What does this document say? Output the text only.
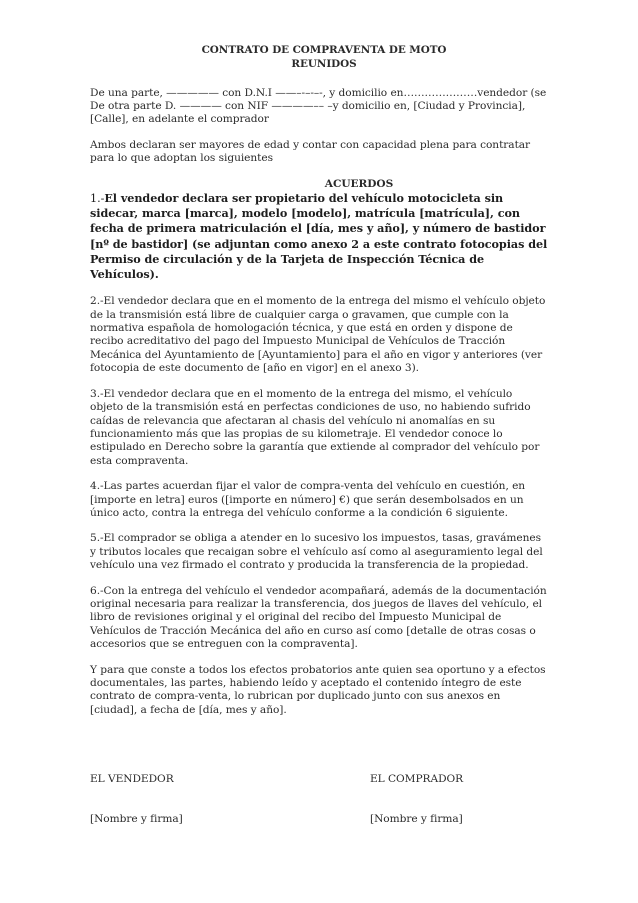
CONTRATO DE COMPRAVENTA DE MOTO

REUNIDOS

De una parte, ————— con D.N.I ——–-–-–-, y domicilio en…………………vendedor (se De otra parte D. ———— con NIF ————–– –y domicilio en, [Ciudad y Provincia], [Calle], en adelante el comprador

Ambos declaran ser mayores de edad y contar con capacidad plena para contratar para lo que adoptan los siguientes

ACUERDOS

1.-El vendedor declara ser propietario del vehículo motocicleta sin sidecar, marca [marca], modelo [modelo], matrícula [matrícula], con fecha de primera matriculación el [día, mes y año], y número de bastidor [nº de bastidor] (se adjuntan como anexo 2 a este contrato fotocopias del Permiso de circulación y de la Tarjeta de Inspección Técnica de Vehículos).

2.-El vendedor declara que en el momento de la entrega del mismo el vehículo objeto de la transmisión está libre de cualquier carga o gravamen, que cumple con la normativa española de homologación técnica, y que está en orden y dispone de recibo acreditativo del pago del Impuesto Municipal de Vehículos de Tracción Mecánica del Ayuntamiento de [Ayuntamiento] para el año en vigor y anteriores (ver fotocopia de este documento de [año en vigor] en el anexo 3).

3.-El vendedor declara que en el momento de la entrega del mismo, el vehículo objeto de la transmisión está en perfectas condiciones de uso, no habiendo sufrido caídas de relevancia que afectaran al chasis del vehículo ni anomalías en su funcionamiento más que las propias de su kilometraje. El vendedor conoce lo estipulado en Derecho sobre la garantía que extiende al comprador del vehículo por esta compraventa.

4.-Las partes acuerdan fijar el valor de compra-venta del vehículo en cuestión, en [importe en letra] euros ([importe en número] €) que serán desembolsados en un único acto, contra la entrega del vehículo conforme a la condición 6 siguiente.

5.-El comprador se obliga a atender en lo sucesivo los impuestos, tasas, gravámenes y tributos locales que recaigan sobre el vehículo así como al aseguramiento legal del vehículo una vez firmado el contrato y producida la transferencia de la propiedad.

6.-Con la entrega del vehículo el vendedor acompañará, además de la documentación original necesaria para realizar la transferencia, dos juegos de llaves del vehículo, el libro de revisiones original y el original del recibo del Impuesto Municipal de Vehículos de Tracción Mecánica del año en curso así como [detalle de otras cosas o accesorios que se entreguen con la compraventa].

Y para que conste a todos los efectos probatorios ante quien sea oportuno y a efectos documentales, las partes, habiendo leído y aceptado el contenido íntegro de este contrato de compra-venta, lo rubrican por duplicado junto con sus anexos en [ciudad], a fecha de [día, mes y año].

EL VENDEDOR	EL COMPRADOR
[Nombre y firma]	[Nombre y firma]
